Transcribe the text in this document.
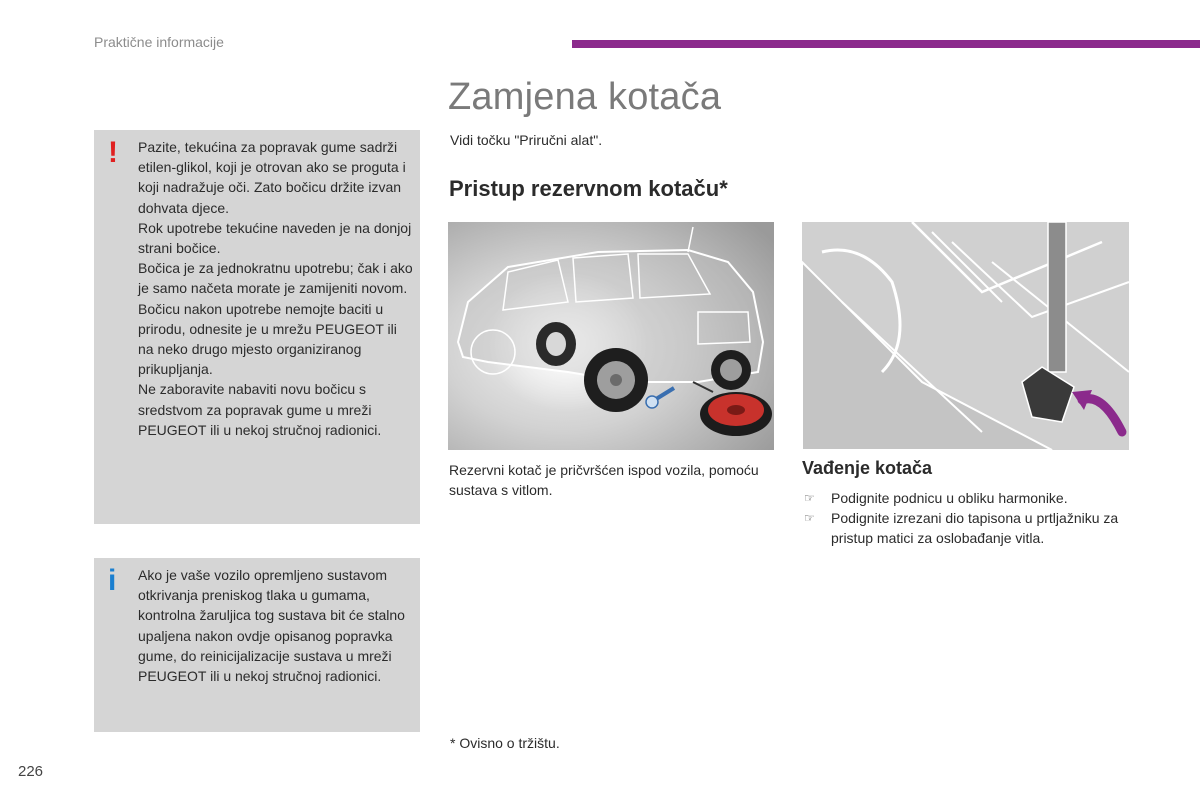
Praktične informacije
Zamjena kotača
Vidi točku "Priručni alat".
Pristup rezervnom kotaču*
! Pazite, tekućina za popravak gume sadrži etilen-glikol, koji je otrovan ako se proguta i koji nadražuje oči. Zato bočicu držite izvan dohvata djece.

Rok upotrebe tekućine naveden je na donjoj strani bočice.

Bočica je za jednokratnu upotrebu; čak i ako je samo načeta morate je zamijeniti novom.

Bočicu nakon upotrebe nemojte baciti u prirodu, odnesite je u mrežu PEUGEOT ili na neko drugo mjesto organiziranog prikupljanja.

Ne zaboravite nabaviti novu bočicu s sredstvom za popravak gume u mreži PEUGEOT ili u nekoj stručnoj radionici.

i Ako je vaše vozilo opremljeno sustavom otkrivanja preniskog tlaka u gumama, kontrolna žaruljica tog sustava bit će stalno upaljena nakon ovdje opisanog popravka gume, do reinicijalizacije sustava u mreži PEUGEOT ili u nekoj stručnoj radionici.
Rezervni kotač je pričvršćen ispod vozila, pomoću sustava s vitlom.
Vađenje kotača
☞ Podignite podnicu u obliku harmonike.
☞ Podignite izrezani dio tapisona u prtljažniku za pristup matici za oslobađanje vitla.
* Ovisno o tržištu.
226
